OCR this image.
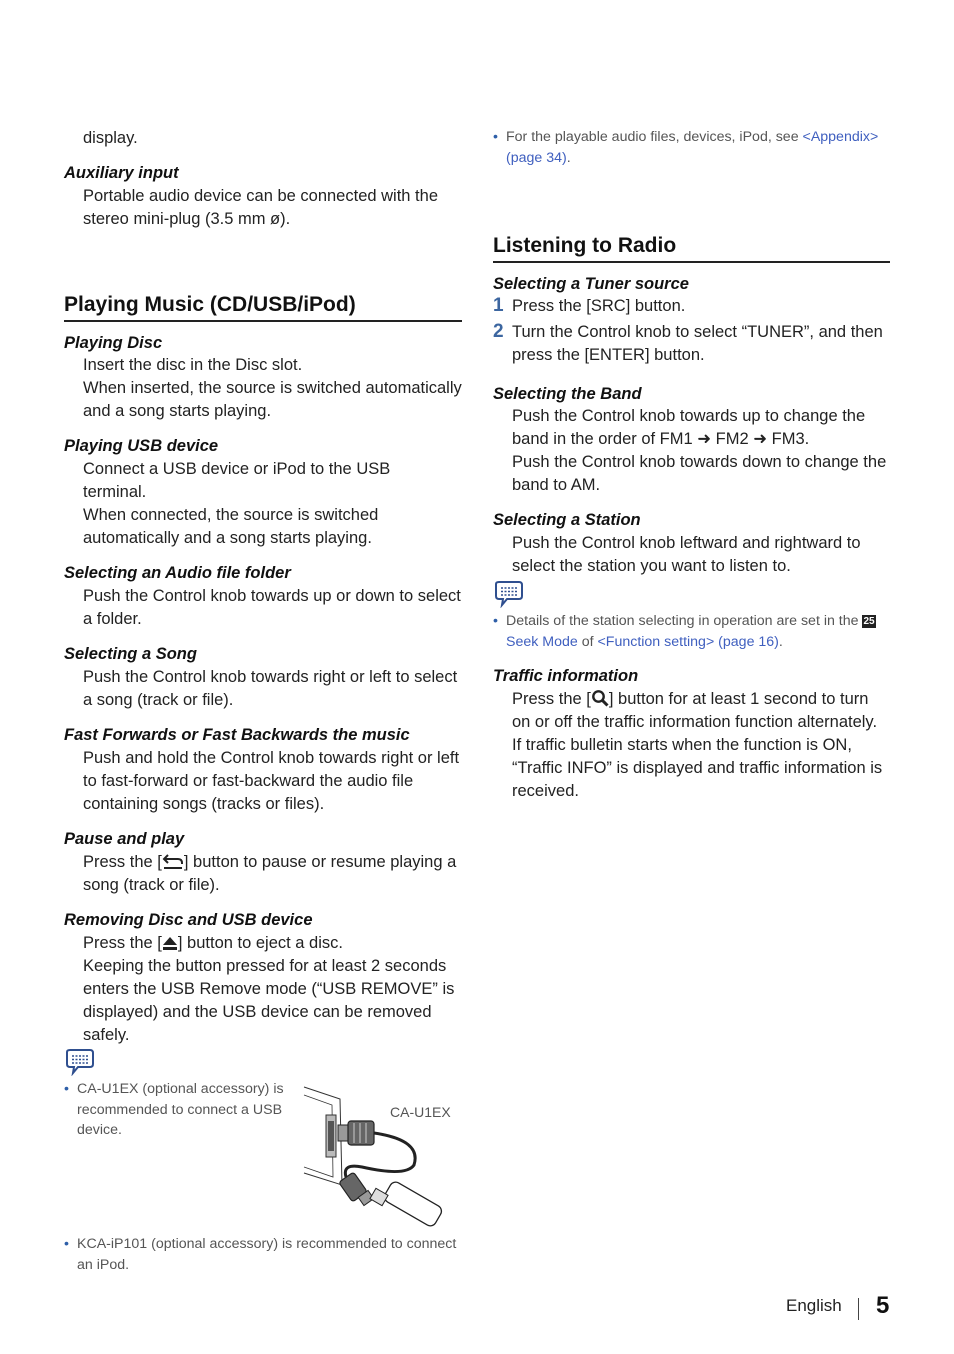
display.
Auxiliary input
Portable audio device can be connected with the stereo mini-plug (3.5 mm ø).
Playing Music (CD/USB/iPod)
Playing Disc
Insert the disc in the Disc slot.
When inserted, the source is switched automatically and a song starts playing.
Playing USB device
Connect a USB device or iPod to the USB terminal.
When connected, the source is switched automatically and a song starts playing.
Selecting an Audio file folder
Push the Control knob towards up or down to select a folder.
Selecting a Song
Push the Control knob towards right or left to select a song (track or file).
Fast Forwards or Fast Backwards the music
Push and hold the Control knob towards right or left to fast-forward or fast-backward the audio file containing songs (tracks or files).
Pause and play
Press the [ ] button to pause or resume playing a song (track or file).
Removing Disc and USB device
Press the [ ] button to eject a disc.
Keeping the button pressed for at least 2 seconds enters the USB Remove mode (“USB REMOVE” is displayed) and the USB device can be removed safely.
• CA-U1EX (optional accessory) is recommended to connect a USB device.
CA-U1EX
• KCA-iP101 (optional accessory) is recommended to connect an iPod.
• For the playable audio files, devices, iPod, see <Appendix> (page 34).
Listening to Radio
Selecting a Tuner source
1 Press the [SRC] button.
2 Turn the Control knob to select “TUNER”, and then press the [ENTER] button.
Selecting the Band
Push the Control knob towards up to change the band in the order of FM1 ➜ FM2 ➜ FM3.
Push the Control knob towards down to change the band to AM.
Selecting a Station
Push the Control knob leftward and rightward to select the station you want to listen to.
• Details of the station selecting in operation are set in the 25
Seek Mode of <Function setting> (page 16).
Traffic information
Press the [ ] button for at least 1 second to turn on or off the traffic information function alternately.
If traffic bulletin starts when the function is ON, “Traffic INFO” is displayed and traffic information is received.
English 5
